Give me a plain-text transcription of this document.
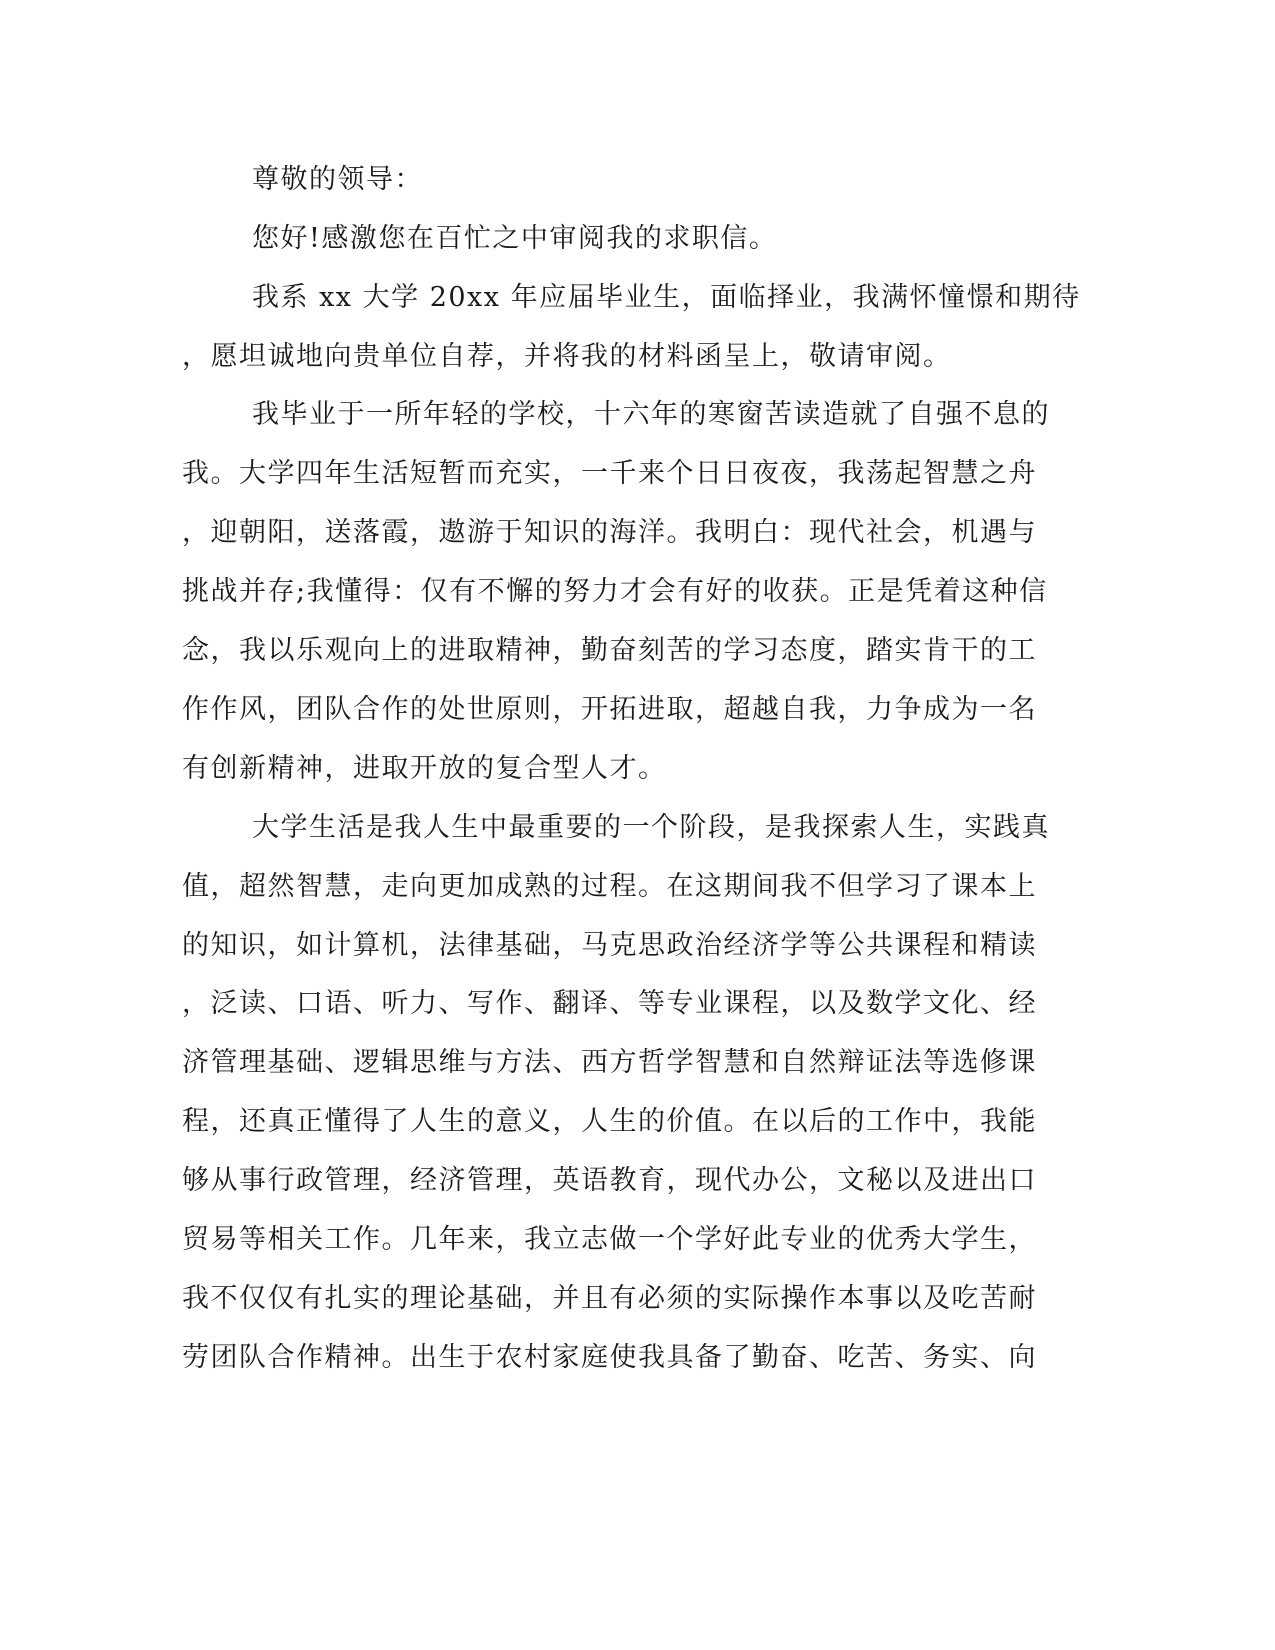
尊敬的领导：
您好!感激您在百忙之中审阅我的求职信。
我系 xx 大学 20xx 年应届毕业生，面临择业，我满怀憧憬和期待
，愿坦诚地向贵单位自荐，并将我的材料函呈上，敬请审阅。
我毕业于一所年轻的学校，十六年的寒窗苦读造就了自强不息的
我。大学四年生活短暂而充实，一千来个日日夜夜，我荡起智慧之舟
，迎朝阳，送落霞，遨游于知识的海洋。我明白：现代社会，机遇与
挑战并存;我懂得：仅有不懈的努力才会有好的收获。正是凭着这种信
念，我以乐观向上的进取精神，勤奋刻苦的学习态度，踏实肯干的工
作作风，团队合作的处世原则，开拓进取，超越自我，力争成为一名
有创新精神，进取开放的复合型人才。
大学生活是我人生中最重要的一个阶段，是我探索人生，实践真
值，超然智慧，走向更加成熟的过程。在这期间我不但学习了课本上
的知识，如计算机，法律基础，马克思政治经济学等公共课程和精读
，泛读、口语、听力、写作、翻译、等专业课程，以及数学文化、经
济管理基础、逻辑思维与方法、西方哲学智慧和自然辩证法等选修课
程，还真正懂得了人生的意义，人生的价值。在以后的工作中，我能
够从事行政管理，经济管理，英语教育，现代办公，文秘以及进出口
贸易等相关工作。几年来，我立志做一个学好此专业的优秀大学生，
我不仅仅有扎实的理论基础，并且有必须的实际操作本事以及吃苦耐
劳团队合作精神。出生于农村家庭使我具备了勤奋、吃苦、务实、向
